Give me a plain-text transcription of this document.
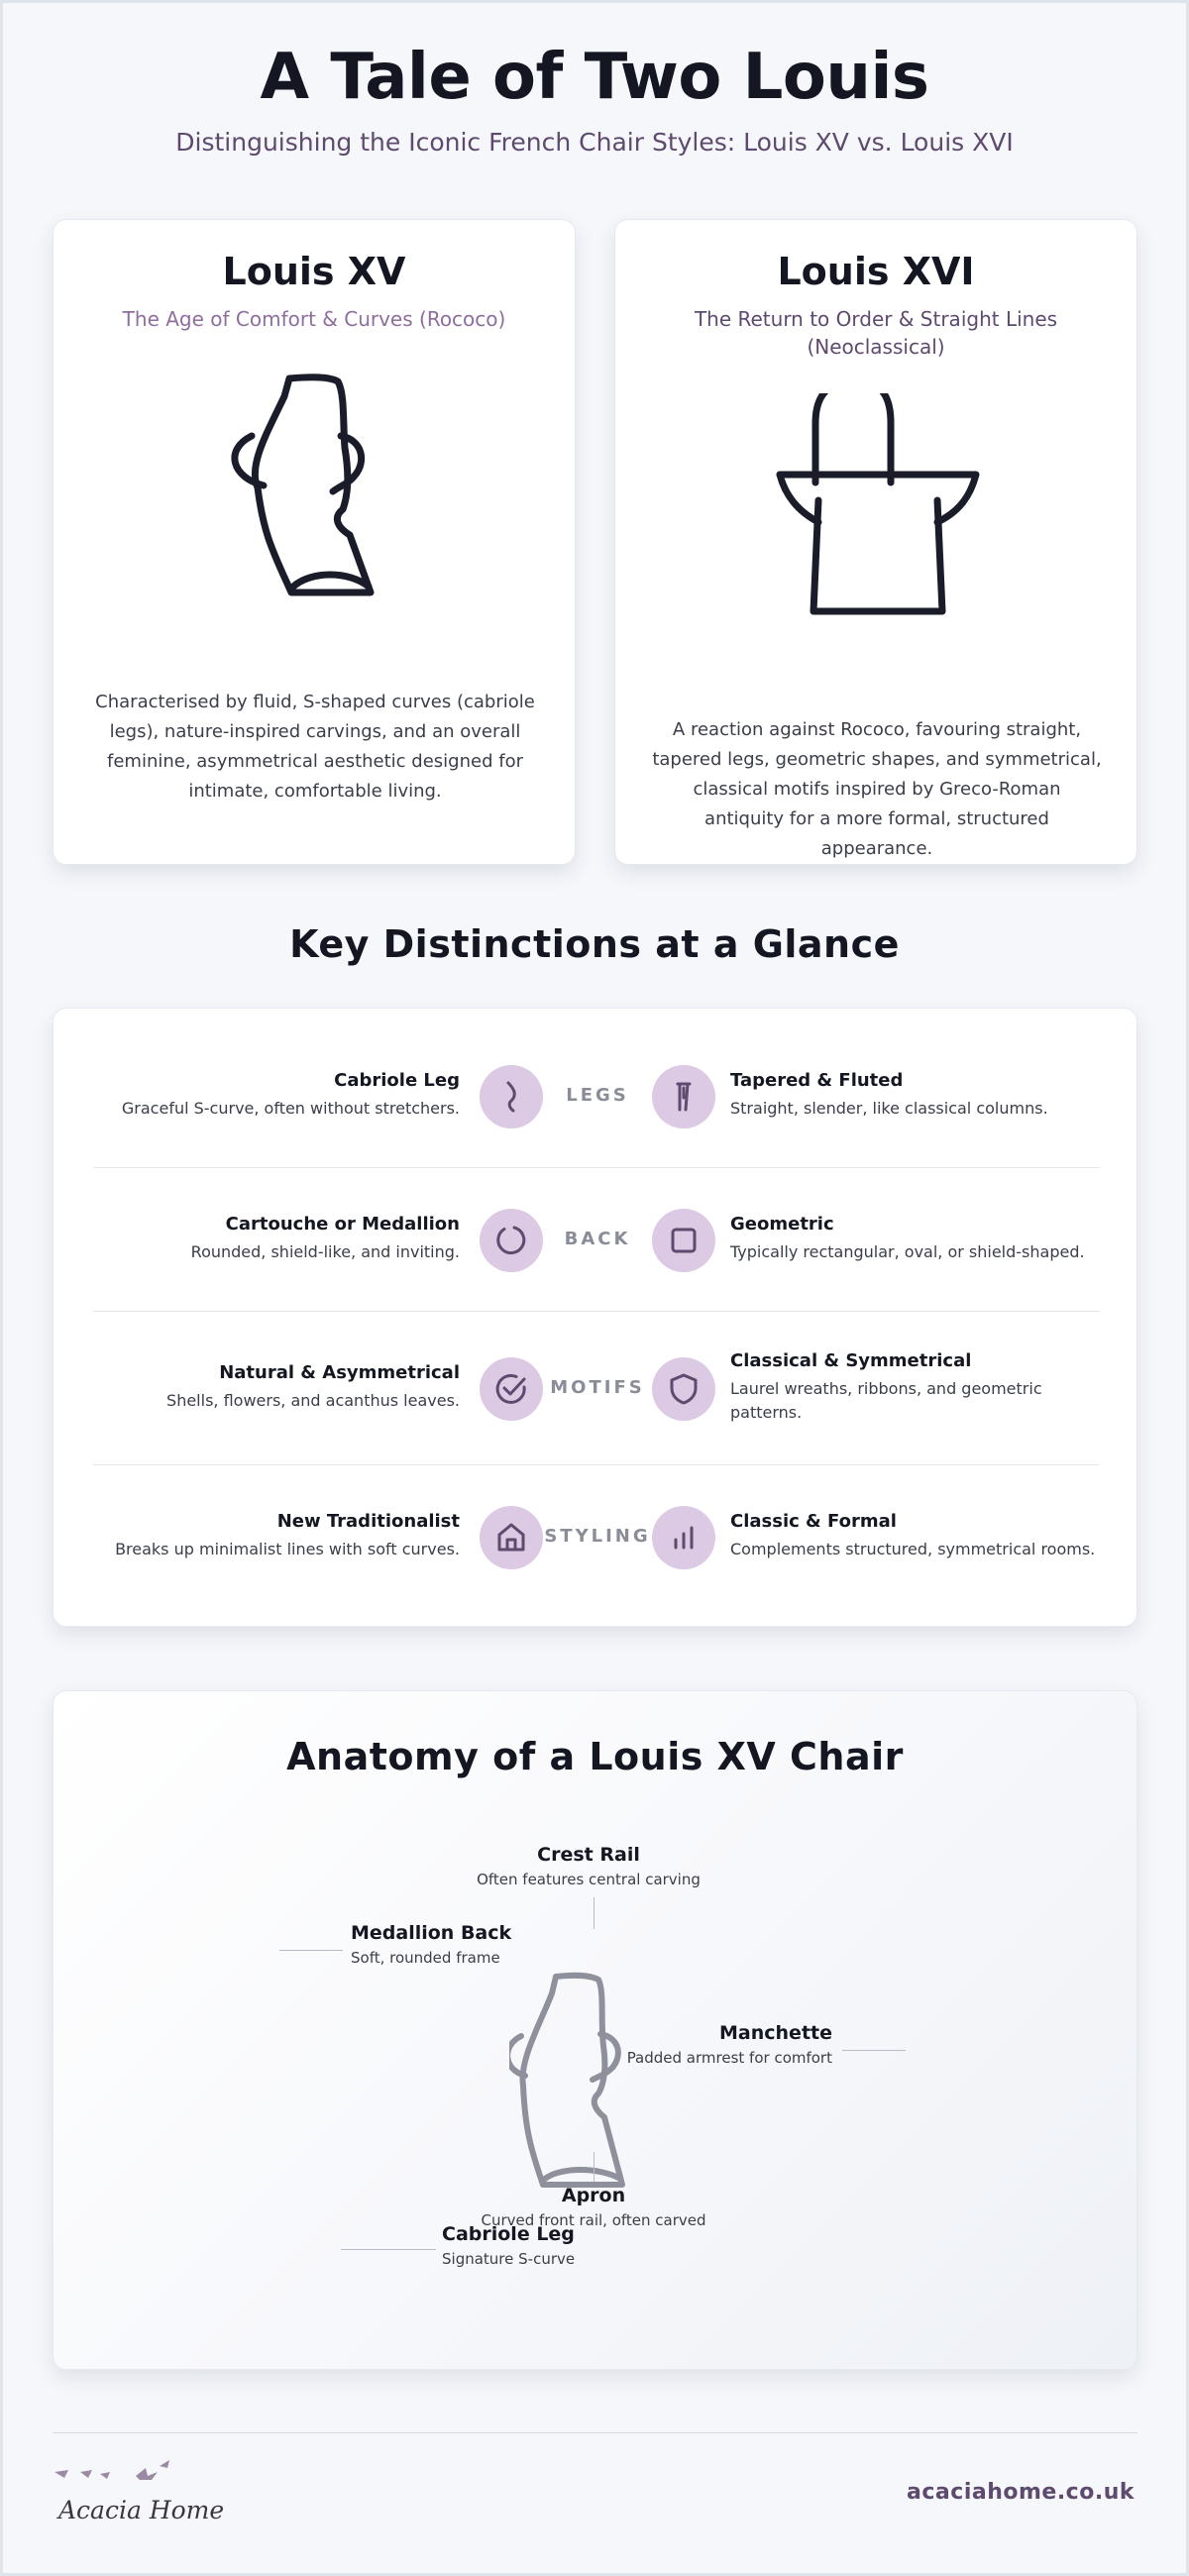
A Tale of Two Louis

Distinguishing the Iconic French Chair Styles: Louis XV vs. Louis XVI

Louis XV

The Age of Comfort & Curves (Rococo)

Characterised by fluid, S-shaped curves (cabriole legs), nature-inspired carvings, and an overall feminine, asymmetrical aesthetic designed for intimate, comfortable living.

Louis XVI

The Return to Order & Straight Lines (Neoclassical)

A reaction against Rococo, favouring straight, tapered legs, geometric shapes, and symmetrical, classical motifs inspired by Greco-Roman antiquity for a more formal, structured appearance.

Key Distinctions at a Glance
Cabriole Leg
Graceful S-curve, often without stretchers.
LEGS
Tapered & Fluted
Straight, slender, like classical columns.
Cartouche or Medallion
Rounded, shield-like, and inviting.
BACK
Geometric
Typically rectangular, oval, or shield-shaped.
Natural & Asymmetrical
Shells, flowers, and acanthus leaves.
MOTIFS
Classical & Symmetrical
Laurel wreaths, ribbons, and geometric patterns.
New Traditionalist
Breaks up minimalist lines with soft curves.
STYLING
Classic & Formal
Complements structured, symmetrical rooms.
Anatomy of a Louis XV Chair
Crest Rail
Often features central carving
Medallion Back
Soft, rounded frame
Manchette
Padded armrest for comfort
Apron
Curved front rail, often carved
Cabriole Leg
Signature S-curve
Acacia Home
acaciahome.co.uk
